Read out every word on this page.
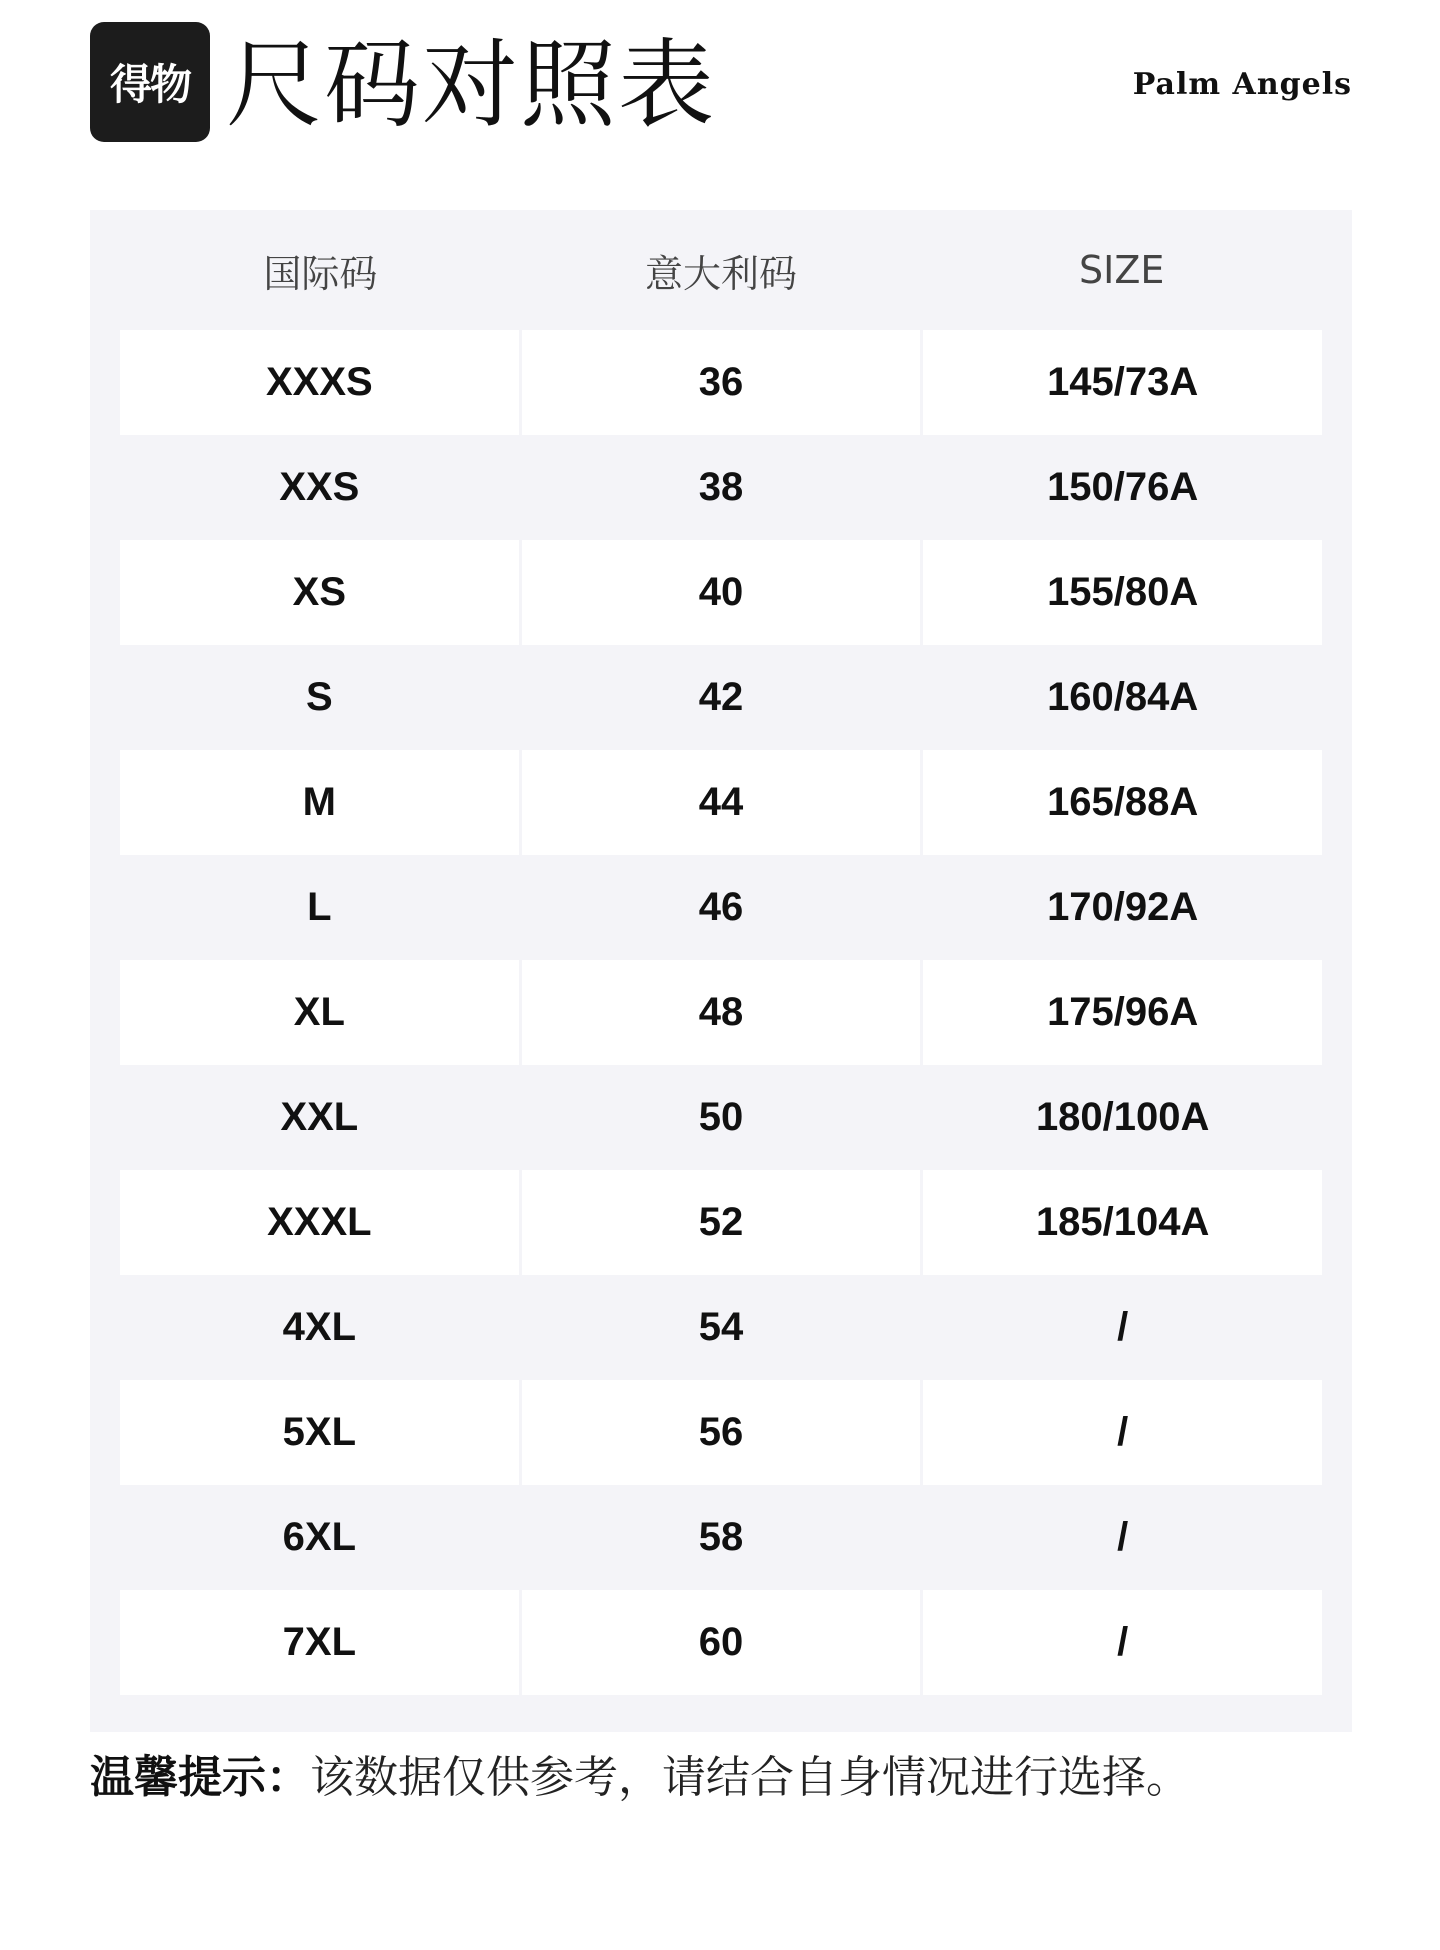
得物 尺码对照表	Palm Angels
国际码	意大利码	SIZE
XXXS	36	145/73A
XXS	38	150/76A
XS	40	155/80A
S	42	160/84A
M	44	165/88A
L	46	170/92A
XL	48	175/96A
XXL	50	180/100A
XXXL	52	185/104A
4XL	54	/
5XL	56	/
6XL	58	/
7XL	60	/
温馨提示：该数据仅供参考，请结合自身情况进行选择。
